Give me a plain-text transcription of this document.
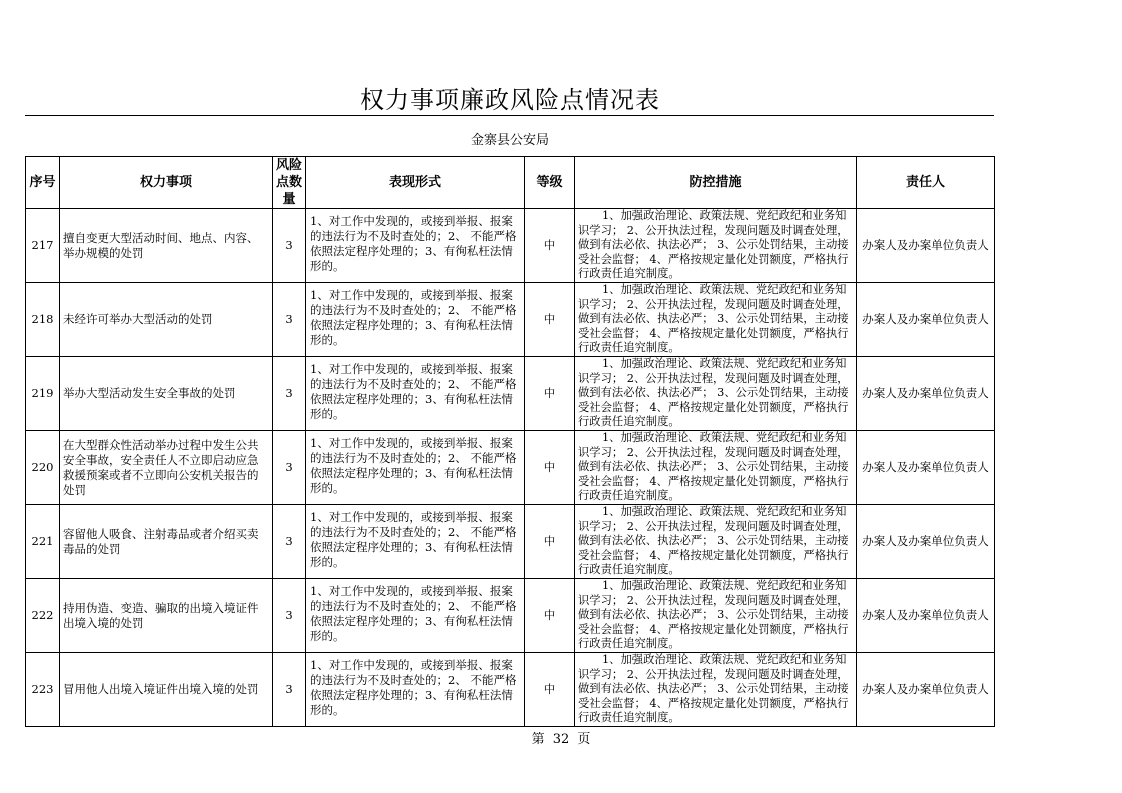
权力事项廉政风险点情况表
金寨县公安局
序号	权力事项	风险点数量	表现形式	等级	防控措施	责任人
217	擅自变更大型活动时间、地点、内容、举办规模的处罚	3	1、对工作中发现的，或接到举报、报案的违法行为不及时查处的；2、 不能严格依照法定程序处理的；3、有徇私枉法情形的。	中	1、加强政治理论、政策法规、党纪政纪和业务知识学习； 2、公开执法过程，发现问题及时调查处理，做到有法必依、执法必严； 3、公示处罚结果，主动接受社会监督； 4、严格按规定量化处罚额度，严格执行行政责任追究制度。	办案人及办案单位负责人
218	未经许可举办大型活动的处罚	3	1、对工作中发现的，或接到举报、报案的违法行为不及时查处的；2、 不能严格依照法定程序处理的；3、有徇私枉法情形的。	中	1、加强政治理论、政策法规、党纪政纪和业务知识学习； 2、公开执法过程，发现问题及时调查处理，做到有法必依、执法必严； 3、公示处罚结果，主动接受社会监督； 4、严格按规定量化处罚额度，严格执行行政责任追究制度。	办案人及办案单位负责人
219	举办大型活动发生安全事故的处罚	3	1、对工作中发现的，或接到举报、报案的违法行为不及时查处的；2、 不能严格依照法定程序处理的；3、有徇私枉法情形的。	中	1、加强政治理论、政策法规、党纪政纪和业务知识学习； 2、公开执法过程，发现问题及时调查处理，做到有法必依、执法必严； 3、公示处罚结果，主动接受社会监督； 4、严格按规定量化处罚额度，严格执行行政责任追究制度。	办案人及办案单位负责人
220	在大型群众性活动举办过程中发生公共安全事故，安全责任人不立即启动应急救援预案或者不立即向公安机关报告的处罚	3	1、对工作中发现的，或接到举报、报案的违法行为不及时查处的；2、 不能严格依照法定程序处理的；3、有徇私枉法情形的。	中	1、加强政治理论、政策法规、党纪政纪和业务知识学习； 2、公开执法过程，发现问题及时调查处理，做到有法必依、执法必严； 3、公示处罚结果，主动接受社会监督； 4、严格按规定量化处罚额度，严格执行行政责任追究制度。	办案人及办案单位负责人
221	容留他人吸食、注射毒品或者介绍买卖毒品的处罚	3	1、对工作中发现的，或接到举报、报案的违法行为不及时查处的；2、 不能严格依照法定程序处理的；3、有徇私枉法情形的。	中	1、加强政治理论、政策法规、党纪政纪和业务知识学习； 2、公开执法过程，发现问题及时调查处理，做到有法必依、执法必严； 3、公示处罚结果，主动接受社会监督； 4、严格按规定量化处罚额度，严格执行行政责任追究制度。	办案人及办案单位负责人
222	持用伪造、变造、骗取的出境入境证件出境入境的处罚	3	1、对工作中发现的，或接到举报、报案的违法行为不及时查处的；2、 不能严格依照法定程序处理的；3、有徇私枉法情形的。	中	1、加强政治理论、政策法规、党纪政纪和业务知识学习； 2、公开执法过程，发现问题及时调查处理，做到有法必依、执法必严； 3、公示处罚结果，主动接受社会监督； 4、严格按规定量化处罚额度，严格执行行政责任追究制度。	办案人及办案单位负责人
223	冒用他人出境入境证件出境入境的处罚	3	1、对工作中发现的，或接到举报、报案的违法行为不及时查处的；2、 不能严格依照法定程序处理的；3、有徇私枉法情形的。	中	1、加强政治理论、政策法规、党纪政纪和业务知识学习； 2、公开执法过程，发现问题及时调查处理，做到有法必依、执法必严； 3、公示处罚结果，主动接受社会监督； 4、严格按规定量化处罚额度，严格执行行政责任追究制度。	办案人及办案单位负责人
第 32 页
